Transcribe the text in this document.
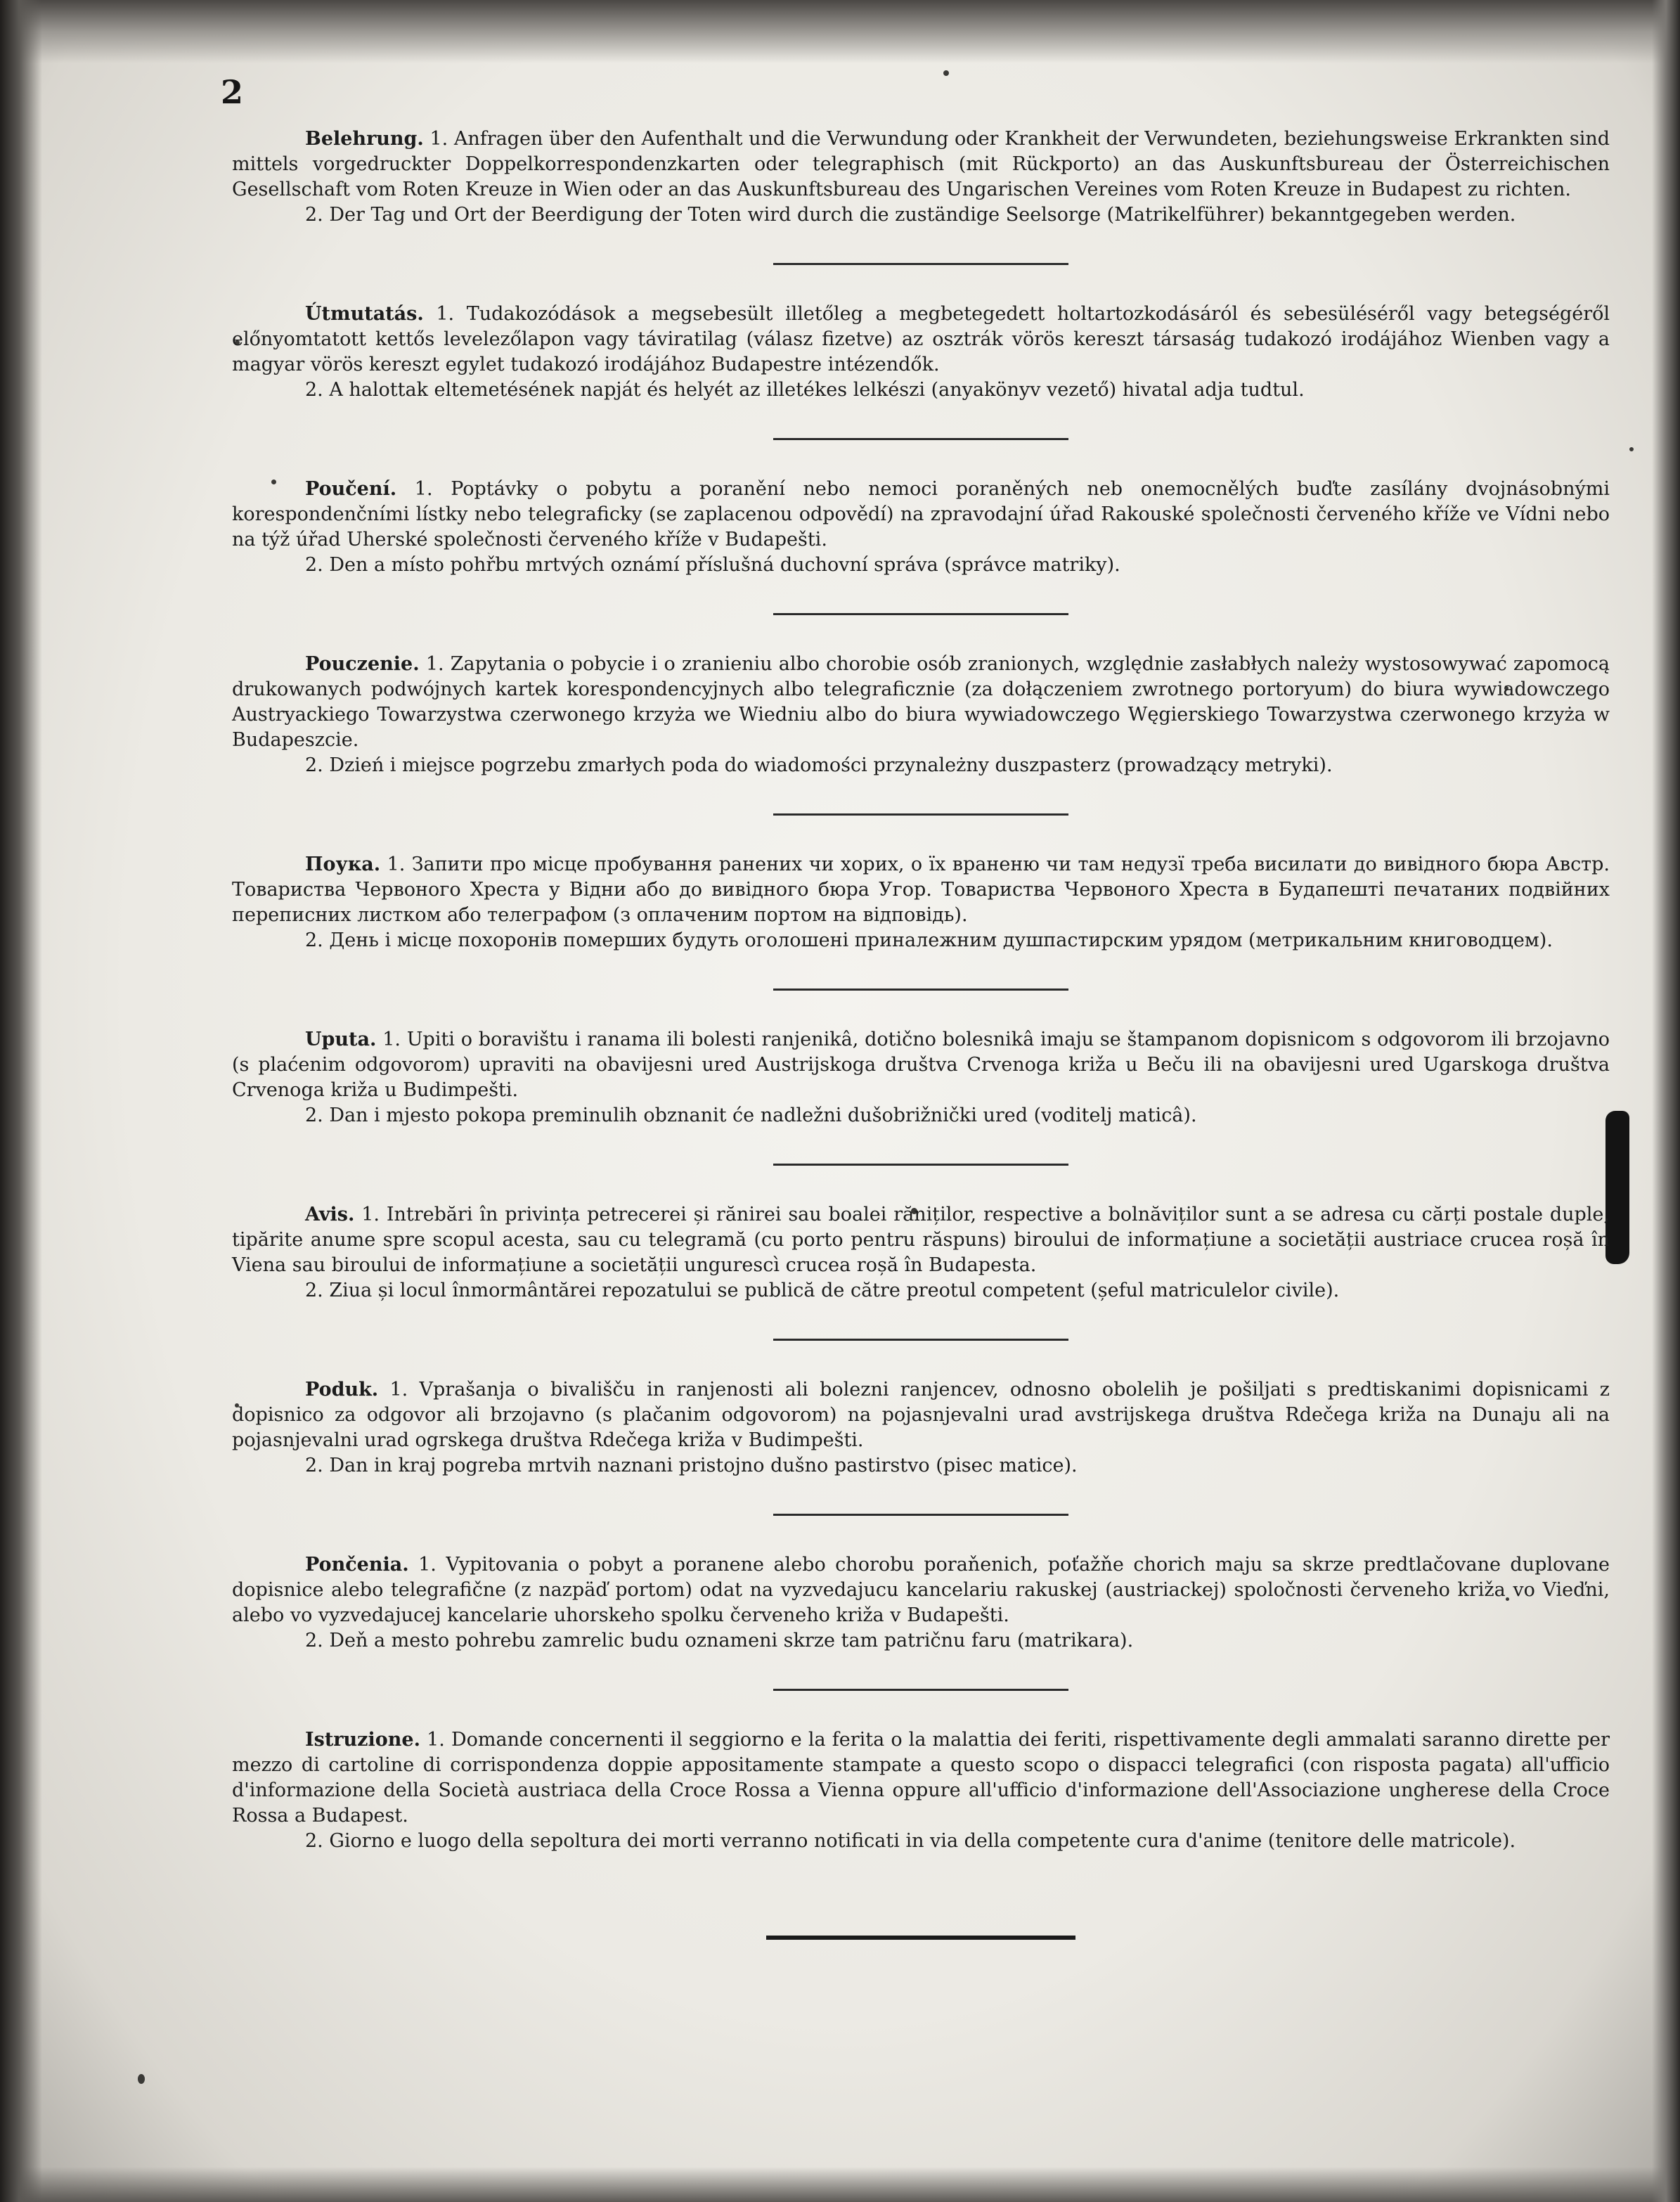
2

Belehrung. 1. Anfragen über den Aufenthalt und die Verwundung oder Krankheit der Verwundeten, beziehungsweise Erkrankten sind mittels vorgedruckter Doppelkorrespondenzkarten oder telegraphisch (mit Rückporto) an das Auskunftsbureau der Österreichischen Gesellschaft vom Roten Kreuze in Wien oder an das Auskunftsbureau des Ungarischen Vereines vom Roten Kreuze in Budapest zu richten.

2. Der Tag und Ort der Beerdigung der Toten wird durch die zuständige Seelsorge (Matrikelführer) bekanntgegeben werden.

Útmutatás. 1. Tudakozódások a megsebesült illetőleg a megbetegedett holtartozkodásáról és sebesüléséről vagy betegségéről előnyomtatott kettős levelezőlapon vagy táviratilag (válasz fizetve) az osztrák vörös kereszt társaság tudakozó irodájához Wienben vagy a magyar vörös kereszt egylet tudakozó irodájához Budapestre intézendők.

2. A halottak eltemetésének napját és helyét az illetékes lelkészi (anyakönyv vezető) hivatal adja tudtul.

Poučení. 1. Poptávky o pobytu a poranění nebo nemoci poraněných neb onemocnělých buďte zasílány dvojnásobnými korespondenčními lístky nebo telegraficky (se zaplacenou odpovědí) na zpravodajní úřad Rakouské společnosti červeného kříže ve Vídni nebo na týž úřad Uherské společnosti červeného kříže v Budapešti.

2. Den a místo pohřbu mrtvých oznámí příslušná duchovní správa (správce matriky).

Pouczenie. 1. Zapytania o pobycie i o zranieniu albo chorobie osób zranionych, względnie zasłabłych należy wystosowywać zapomocą drukowanych podwójnych kartek korespondencyjnych albo telegraficznie (za dołączeniem zwrotnego portoryum) do biura wywiadowczego Austryackiego Towarzystwa czerwonego krzyża we Wiedniu albo do biura wywiadowczego Węgierskiego Towarzystwa czerwonego krzyża w Budapeszcie.

2. Dzień i miejsce pogrzebu zmarłych poda do wiadomości przynależny duszpasterz (prowadzący metryki).

Поука. 1. Запити про місце пробування ранених чи хорих, о їх враненю чи там недузї треба висилати до вивідного бюра Австр. Товариства Червоного Хреста у Відни або до вивідного бюра Угор. Товариства Червоного Хреста в Будапешті печатаних подвійних переписних листком або телеграфом (з оплаченим портом на відповідь).

2. День і місце похоронів померших будуть оголошені приналежним душпастирским урядом (метрикальним книговодцем).

Uputa. 1. Upiti o boravištu i ranama ili bolesti ranjenikâ, dotično bolesnikâ imaju se štampanom dopisnicom s odgovorom ili brzojavno (s plaćenim odgovorom) upraviti na obavijesni ured Austrijskoga društva Crvenoga križa u Beču ili na obavijesni ured Ugarskoga društva Crvenoga križa u Budimpešti.

2. Dan i mjesto pokopa preminulih obznanit će nadležni dušobrižnički ured (voditelj maticâ).

Avis. 1. Intrebări în privința petrecerei și rănirei sau boalei răniților, respective a bolnăviților sunt a se adresa cu cărți postale duple, tipărite anume spre scopul acesta, sau cu telegramă (cu porto pentru răspuns) biroului de informațiune a societății austriace crucea roșă în Viena sau biroului de informațiune a societății ungurescì crucea roșă în Budapesta.

2. Ziua și locul înmormântărei repozatului se publică de către preotul competent (șeful matriculelor civile).

Poduk. 1. Vprašanja o bivališču in ranjenosti ali bolezni ranjencev, odnosno obolelih je pošiljati s predtiskanimi dopisnicami z dopisnico za odgovor ali brzojavno (s plačanim odgovorom) na pojasnjevalni urad avstrijskega društva Rdečega križa na Dunaju ali na pojasnjevalni urad ogrskega društva Rdečega križa v Budimpešti.

2. Dan in kraj pogreba mrtvih naznani pristojno dušno pastirstvo (pisec matice).

Pončenia. 1. Vypitovania o pobyt a poranene alebo chorobu poraňenich, poťažňe chorich maju sa skrze predtlačovane duplovane dopisnice alebo telegrafične (z nazpäď portom) odat na vyzvedajucu kancelariu rakuskej (austriackej) spoločnosti červeneho križa vo Vieďni, alebo vo vyzvedajucej kancelarie uhorskeho spolku červeneho križa v Budapešti.

2. Deň a mesto pohrebu zamrelic budu oznameni skrze tam patričnu faru (matrikara).

Istruzione. 1. Domande concernenti il seggiorno e la ferita o la malattia dei feriti, rispettivamente degli ammalati saranno dirette per mezzo di cartoline di corrispondenza doppie appositamente stampate a questo scopo o dispacci telegrafici (con risposta pagata) all'ufficio d'informazione della Società austriaca della Croce Rossa a Vienna oppure all'ufficio d'informazione dell'Associazione ungherese della Croce Rossa a Budapest.

2. Giorno e luogo della sepoltura dei morti verranno notificati in via della competente cura d'anime (tenitore delle matricole).
